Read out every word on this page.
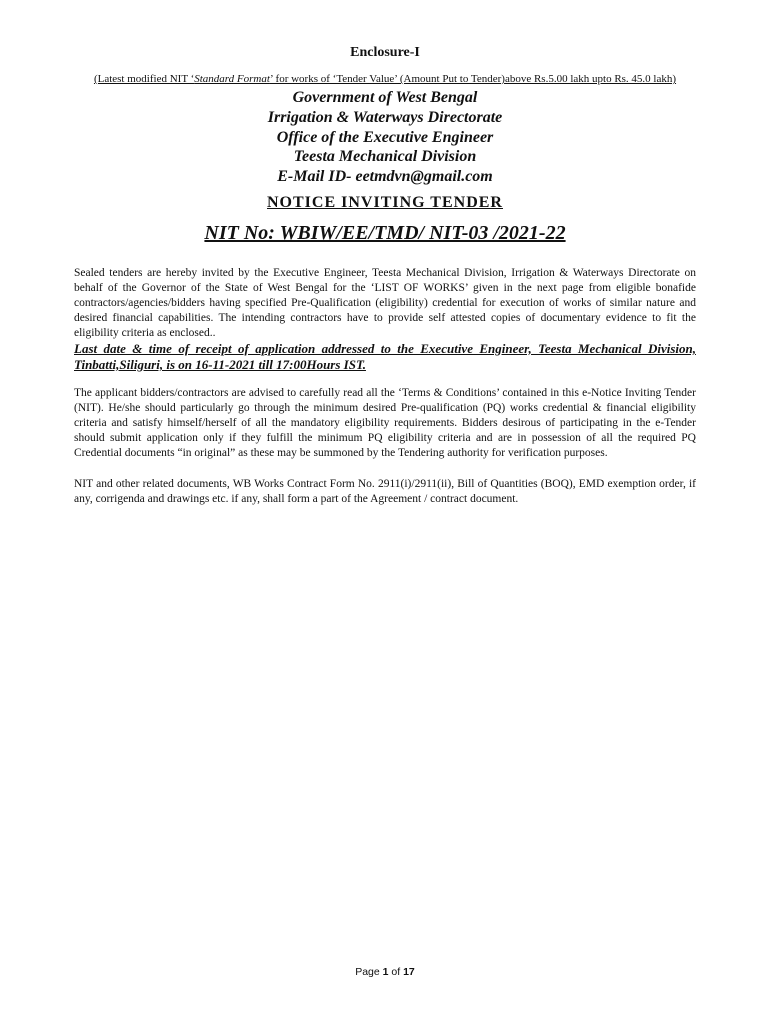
Enclosure-I
(Latest modified NIT ‘Standard Format’ for works of ‘Tender Value’ (Amount Put to Tender)above Rs.5.00 lakh upto Rs. 45.0 lakh)
Government of West Bengal
Irrigation & Waterways Directorate
Office of the Executive Engineer
Teesta Mechanical Division
E-Mail ID- eetmdvn@gmail.com
NOTICE INVITING TENDER
NIT No: WBIW/EE/TMD/ NIT-03 /2021-22
Sealed tenders are hereby invited by the Executive Engineer, Teesta Mechanical Division, Irrigation & Waterways Directorate on behalf of the Governor of the State of West Bengal for the ‘LIST OF WORKS’ given in the next page from eligible bonafide contractors/agencies/bidders having specified Pre-Qualification (eligibility) credential for execution of works of similar nature and desired financial capabilities. The intending contractors have to provide self attested copies of documentary evidence to fit the eligibility criteria as enclosed..
Last date & time of receipt of application addressed to the Executive Engineer, Teesta Mechanical Division, Tinbatti,Siliguri, is on 16-11-2021 till 17:00Hours IST.
The applicant bidders/contractors are advised to carefully read all the ‘Terms & Conditions’ contained in this e-Notice Inviting Tender (NIT). He/she should particularly go through the minimum desired Pre-qualification (PQ) works credential & financial eligibility criteria and satisfy himself/herself of all the mandatory eligibility requirements. Bidders desirous of participating in the e-Tender should submit application only if they fulfill the minimum PQ eligibility criteria and are in possession of all the required PQ Credential documents “in original” as these may be summoned by the Tendering authority for verification purposes.
NIT and other related documents, WB Works Contract Form No. 2911(i)/2911(ii), Bill of Quantities (BOQ), EMD exemption order, if any, corrigenda and drawings etc. if any, shall form a part of the Agreement / contract document.
Page 1 of 17
